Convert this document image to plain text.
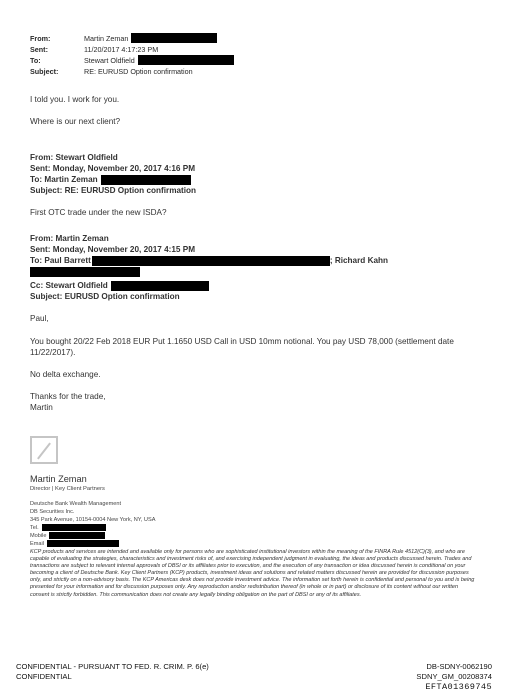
From:	Martin Zeman
Sent:	11/20/2017 4:17:23 PM
To:	Stewart Oldfield
Subject:	RE: EURUSD Option confirmation
I told you. I work for you.
Where is our next client?
From: Stewart Oldfield
Sent: Monday, November 20, 2017 4:16 PM
To: Martin Zeman
Subject: RE: EURUSD Option confirmation
First OTC trade under the new ISDA?
From: Martin Zeman
Sent: Monday, November 20, 2017 4:15 PM
To: Paul Barrett	; Richard Kahn
Cc: Stewart Oldfield
Subject: EURUSD Option confirmation
Paul,
You bought 20/22 Feb 2018 EUR Put 1.1650 USD Call in USD 10mm notional. You pay USD 78,000 (settlement date 11/22/2017).
No delta exchange.
Thanks for the trade,
Martin
Martin Zeman
Director | Key Client Partners
Deutsche Bank Wealth Management
DB Securities Inc.
345 Park Avenue, 10154-0004 New York, NY, USA
Tel.
Mobile
Email
KCP products and services are intended and available only for persons who are sophisticated institutional investors within the meaning of the FINRA Rule 4512(C)(3), and who are capable of evaluating the strategies, characteristics and investment risks of, and exercising independent judgment in evaluating, the ideas and products discussed herein. Trades and transactions are subject to relevant internal approvals of DBSI or its affiliates prior to execution, and the execution of any transaction or idea discussed herein is conditional on your becoming a client of Deutsche Bank. Key Client Partners (KCP) products, investment ideas and solutions and related matters discussed herein are provided for discussion purposes only, and strictly on a non-advisory basis. The KCP Americas desk does not provide investment advice. The information set forth herein is confidential and personal to you and is being presented for your information and for discussion purposes only. Any reproduction and/or redistribution thereof (in whole or in part) or disclosure of its content without our written consent is strictly forbidden. This communication does not create any legally binding obligation on the part of DBSI or any of its affiliates.
CONFIDENTIAL - PURSUANT TO FED. R. CRIM. P. 6(e)
CONFIDENTIAL
DB-SDNY-0062190
SDNY_GM_00208374
EFTA01369745
